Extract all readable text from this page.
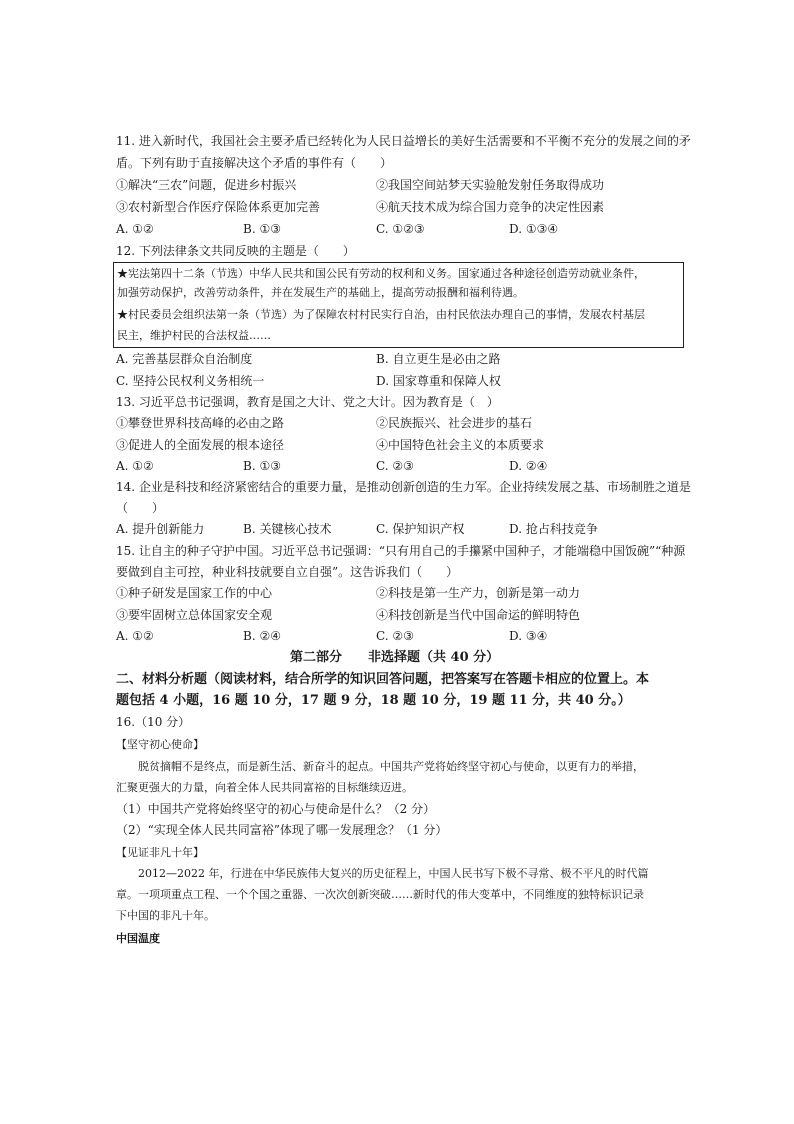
11. 进入新时代，我国社会主要矛盾已经转化为人民日益增长的美好生活需要和不平衡不充分的发展之间的矛
盾。下列有助于直接解决这个矛盾的事件有（　　）
①解决“三农”问题，促进乡村振兴	②我国空间站梦天实验舱发射任务取得成功
③农村新型合作医疗保险体系更加完善	④航天技术成为综合国力竞争的决定性因素
A. ①②	B. ①③	C. ①②③	D. ①③④
12. 下列法律条文共同反映的主题是（　　）
★宪法第四十二条（节选）中华人民共和国公民有劳动的权利和义务。国家通过各种途径创造劳动就业条件，
加强劳动保护，改善劳动条件，并在发展生产的基础上，提高劳动报酬和福利待遇。
★村民委员会组织法第一条（节选）为了保障农村村民实行自治，由村民依法办理自己的事情，发展农村基层
民主，维护村民的合法权益……
A. 完善基层群众自治制度	B. 自立更生是必由之路
C. 坚持公民权利义务相统一	D. 国家尊重和保障人权
13. 习近平总书记强调，教育是国之大计、党之大计。因为教育是（　）
①攀登世界科技高峰的必由之路	②民族振兴、社会进步的基石
③促进人的全面发展的根本途径	④中国特色社会主义的本质要求
A. ①②	B. ①③	C. ②③	D. ②④
14. 企业是科技和经济紧密结合的重要力量，是推动创新创造的生力军。企业持续发展之基、市场制胜之道是
（　　）
A. 提升创新能力	B. 关键核心技术	C. 保护知识产权	D. 抢占科技竞争
15. 让自主的种子守护中国。习近平总书记强调：“只有用自己的手攥紧中国种子，才能端稳中国饭碗”“种源
要做到自主可控，种业科技就要自立自强”。这告诉我们（　　）
①种子研发是国家工作的中心	②科技是第一生产力，创新是第一动力
③要牢固树立总体国家安全观	④科技创新是当代中国命运的鲜明特色
A. ①②	B. ②④	C. ②③	D. ③④
第二部分　　非选择题（共 40 分）
二、材料分析题（阅读材料，结合所学的知识回答问题，把答案写在答题卡相应的位置上。本
题包括 4 小题，16 题 10 分，17 题 9 分，18 题 10 分，19 题 11 分，共 40 分。）
16.（10 分）
【坚守初心使命】
脱贫摘帽不是终点，而是新生活、新奋斗的起点。中国共产党将始终坚守初心与使命，以更有力的举措，
汇聚更强大的力量，向着全体人民共同富裕的目标继续迈进。
（1）中国共产党将始终坚守的初心与使命是什么？（2 分）
（2）“实现全体人民共同富裕”体现了哪一发展理念？（1 分）
【见证非凡十年】
2012—2022 年，行进在中华民族伟大复兴的历史征程上，中国人民书写下极不寻常、极不平凡的时代篇
章。一项项重点工程、一个个国之重器、一次次创新突破……新时代的伟大变革中，不同维度的独特标识记录
下中国的非凡十年。
中国温度
